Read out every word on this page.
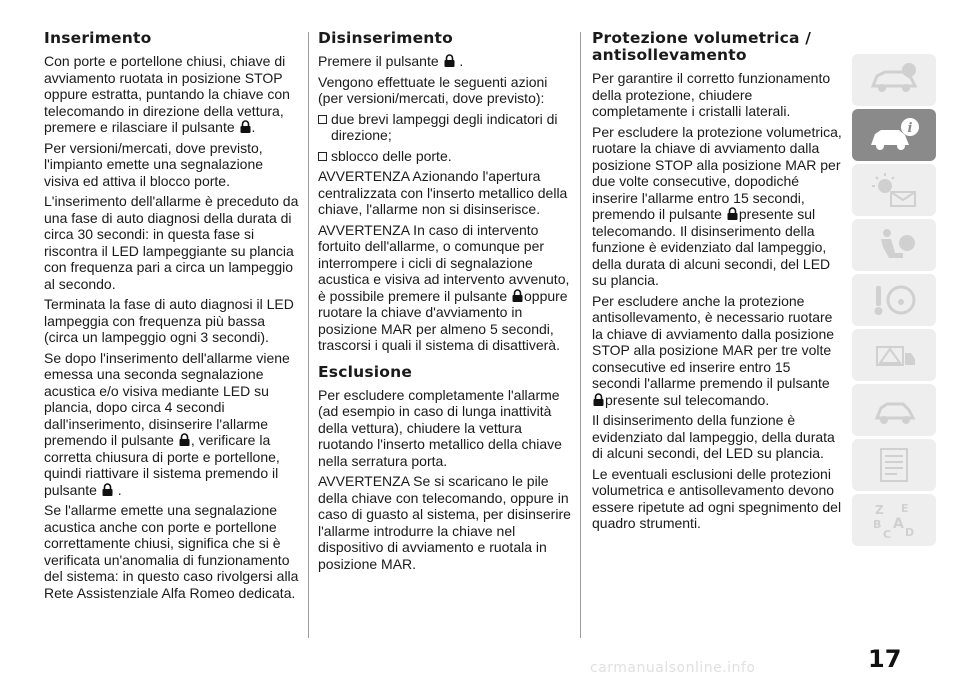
Inserimento

Con porte e portellone chiusi, chiave di avviamento ruotata in posizione STOP oppure estratta, puntando la chiave con telecomando in direzione della vettura, premere e rilasciare il pulsante .

Per versioni/mercati, dove previsto, l'impianto emette una segnalazione visiva ed attiva il blocco porte.

L'inserimento dell'allarme è preceduto da una fase di auto diagnosi della durata di circa 30 secondi: in questa fase si riscontra il LED lampeggiante su plancia con frequenza pari a circa un lampeggio al secondo.

Terminata la fase di auto diagnosi il LED lampeggia con frequenza più bassa (circa un lampeggio ogni 3 secondi).

Se dopo l'inserimento dell'allarme viene emessa una seconda segnalazione acustica e/o visiva mediante LED su plancia, dopo circa 4 secondi dall'inserimento, disinserire l'allarme premendo il pulsante , verificare la corretta chiusura di porte e portellone, quindi riattivare il sistema premendo il pulsante .

Se l'allarme emette una segnalazione acustica anche con porte e portellone correttamente chiusi, significa che si è verificata un'anomalia di funzionamento del sistema: in questo caso rivolgersi alla Rete Assistenziale Alfa Romeo dedicata.

Disinserimento

Premere il pulsante .

Vengono effettuate le seguenti azioni (per versioni/mercati, dove previsto):

due brevi lampeggi degli indicatori di direzione;

sblocco delle porte.

AVVERTENZA Azionando l'apertura centralizzata con l'inserto metallico della chiave, l'allarme non si disinserisce.

AVVERTENZA In caso di intervento fortuito dell'allarme, o comunque per interrompere i cicli di segnalazione acustica e visiva ad intervento avvenuto, è possibile premere il pulsante oppure ruotare la chiave d'avviamento in posizione MAR per almeno 5 secondi, trascorsi i quali il sistema di disattiverà.

Esclusione

Per escludere completamente l'allarme (ad esempio in caso di lunga inattività della vettura), chiudere la vettura ruotando l'inserto metallico della chiave nella serratura porta.

AVVERTENZA Se si scaricano le pile della chiave con telecomando, oppure in caso di guasto al sistema, per disinserire l'allarme introdurre la chiave nel dispositivo di avviamento e ruotala in posizione MAR.

Protezione volumetrica / antisollevamento

Per garantire il corretto funzionamento della protezione, chiudere completamente i cristalli laterali.

Per escludere la protezione volumetrica, ruotare la chiave di avviamento dalla posizione STOP alla posizione MAR per due volte consecutive, dopodiché inserire l'allarme entro 15 secondi, premendo il pulsante presente sul telecomando. Il disinserimento della funzione è evidenziato dal lampeggio, della durata di alcuni secondi, del LED su plancia.

Per escludere anche la protezione antisollevamento, è necessario ruotare la chiave di avviamento dalla posizione STOP alla posizione MAR per tre volte consecutive ed inserire entro 15 secondi l'allarme premendo il pulsante
presente sul telecomando.

Il disinserimento della funzione è evidenziato dal lampeggio, della durata di alcuni secondi, del LED su plancia.

Le eventuali esclusioni delle protezioni volumetrica e antisollevamento devono essere ripetute ad ogni spegnimento del quadro strumenti.

i
Z E
B A
C D
17
carmanualsonline.info
